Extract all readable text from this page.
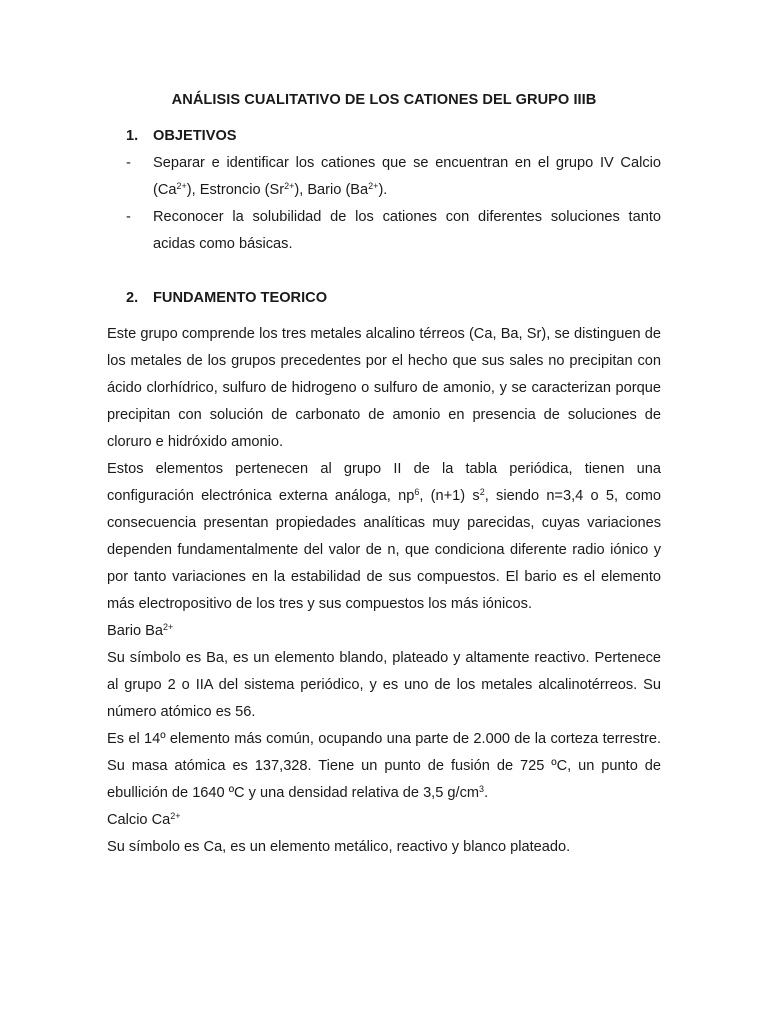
ANÁLISIS CUALITATIVO DE LOS CATIONES DEL GRUPO IIIB
1. OBJETIVOS
- Separar e identificar los cationes que se encuentran en el grupo IV Calcio $(Ca^{2+})$, Estroncio $(Sr^{2+})$, Bario $(Ba^{2+})$.
- Reconocer la solubilidad de los cationes con diferentes soluciones tanto acidas como básicas.
2. FUNDAMENTO TEORICO

Este grupo comprende los tres metales alcalino térreos (Ca, Ba, Sr), se distinguen de los metales de los grupos precedentes por el hecho que sus sales no precipitan con ácido clorhídrico, sulfuro de hidrogeno o sulfuro de amonio, y se caracterizan porque precipitan con solución de carbonato de amonio en presencia de soluciones de cloruro e hidróxido amonio.

Estos elementos pertenecen al grupo II de la tabla periódica, tienen una configuración electrónica externa análoga, $np^6$, (n+1) $s^2$, siendo n=3,4 o 5, como consecuencia presentan propiedades analíticas muy parecidas, cuyas variaciones dependen fundamentalmente del valor de n, que condiciona diferente radio iónico y por tanto variaciones en la estabilidad de sus compuestos. El bario es el elemento más electropositivo de los tres y sus compuestos los más iónicos.

Bario $Ba^{2+}$

Su símbolo es Ba, es un elemento blando, plateado y altamente reactivo. Pertenece al grupo 2 o IIA del sistema periódico, y es uno de los metales alcalinotérreos. Su número atómico es 56.

Es el 14º elemento más común, ocupando una parte de 2.000 de la corteza terrestre. Su masa atómica es 137,328. Tiene un punto de fusión de 725 ºC, un punto de ebullición de 1640 ºC y una densidad relativa de 3,5 $g/cm^3$.

Calcio $Ca^{2+}$

Su símbolo es Ca, es un elemento metálico, reactivo y blanco plateado.
